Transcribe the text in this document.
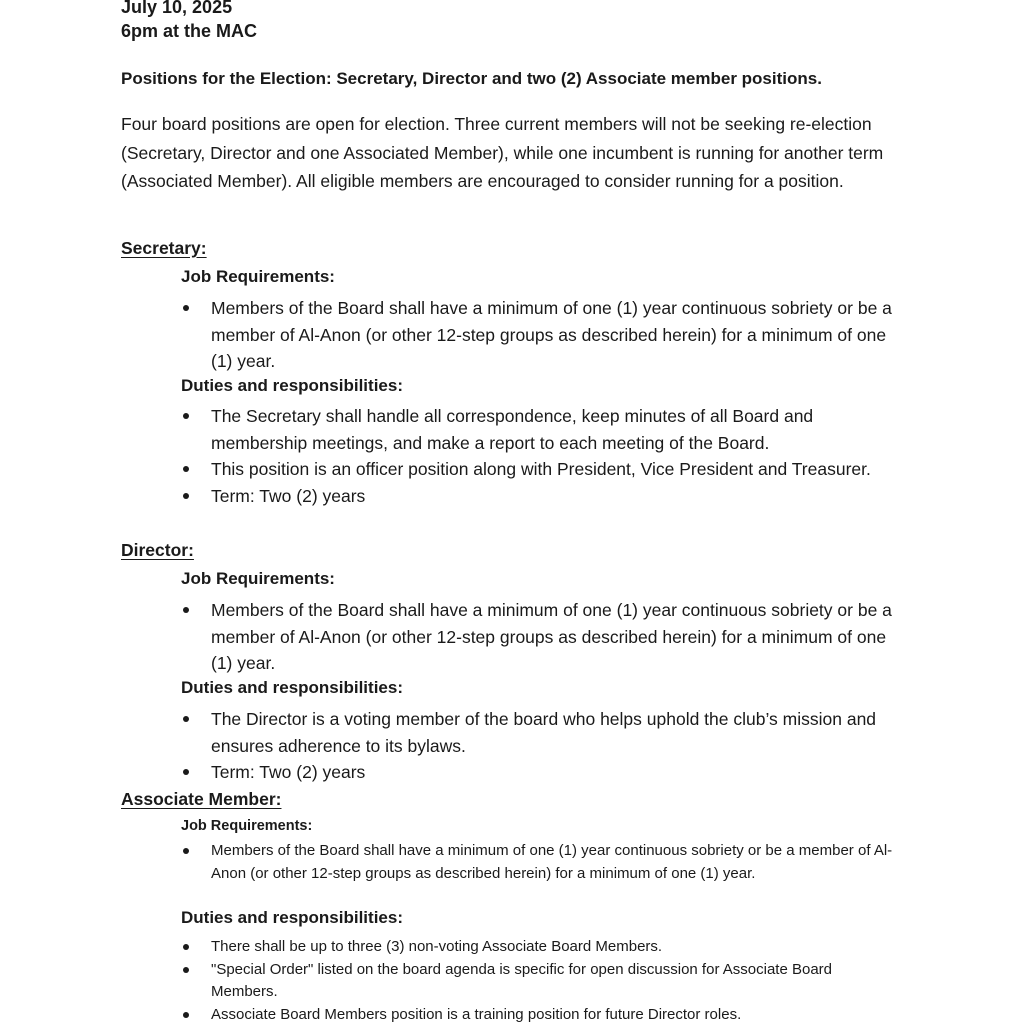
July 10, 2025
6pm at the MAC
Positions for the Election: Secretary, Director and two (2) Associate member positions.

Four board positions are open for election. Three current members will not be seeking re-election (Secretary, Director and one Associated Member), while one incumbent is running for another term (Associated Member). All eligible members are encouraged to consider running for a position.

Secretary:
Job Requirements:
Members of the Board shall have a minimum of one (1) year continuous sobriety or be a member of Al-Anon (or other 12-step groups as described herein) for a minimum of one (1) year.
Duties and responsibilities:
The Secretary shall handle all correspondence, keep minutes of all Board and membership meetings, and make a report to each meeting of the Board.
This position is an officer position along with President, Vice President and Treasurer.
Term: Two (2) years
Director:
Job Requirements:
Members of the Board shall have a minimum of one (1) year continuous sobriety or be a member of Al-Anon (or other 12-step groups as described herein) for a minimum of one (1) year.
Duties and responsibilities:
The Director is a voting member of the board who helps uphold the club’s mission and ensures adherence to its bylaws.
Term: Two (2) years
Associate Member:
Job Requirements:
Members of the Board shall have a minimum of one (1) year continuous sobriety or be a member of Al-Anon (or other 12-step groups as described herein) for a minimum of one (1) year.
Duties and responsibilities:
There shall be up to three (3) non-voting Associate Board Members.
"Special Order" listed on the board agenda is specific for open discussion for Associate Board Members.
Associate Board Members position is a training position for future Director roles.
